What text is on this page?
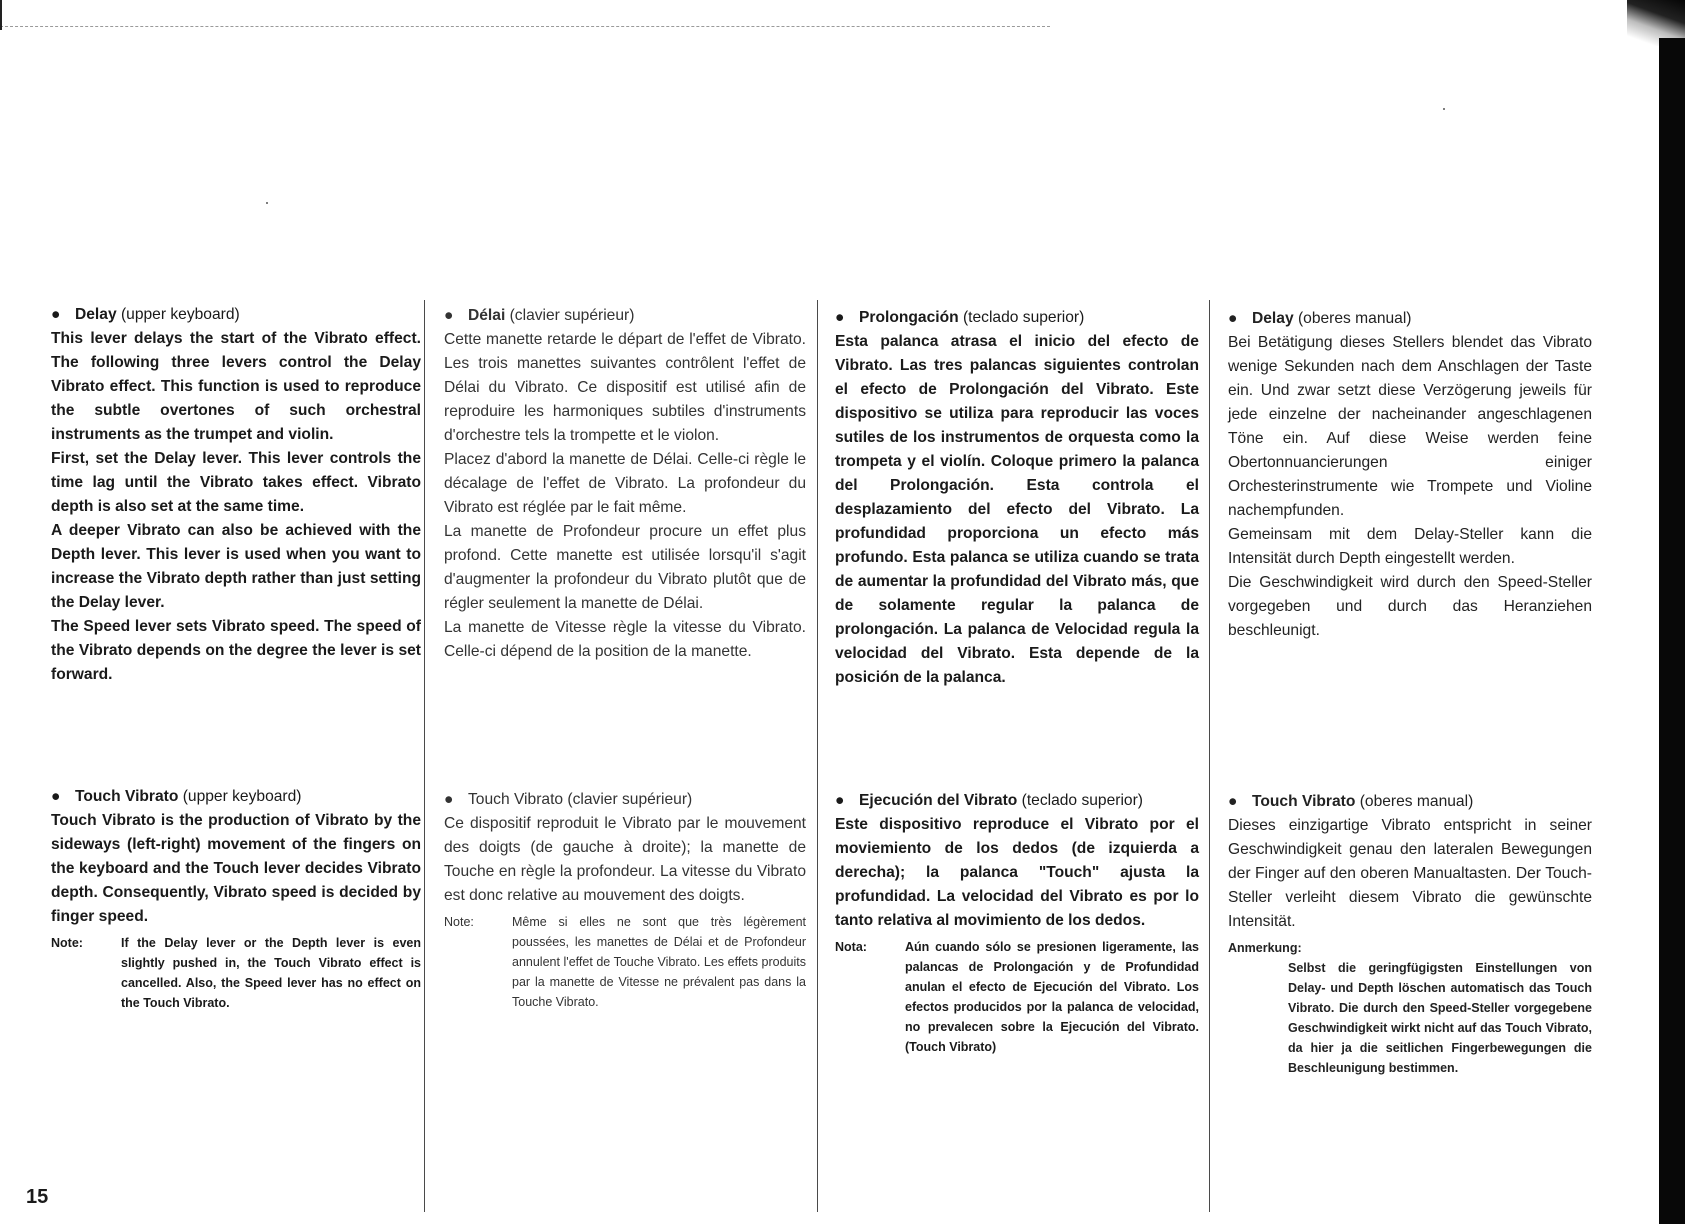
● Delay (upper keyboard)

This lever delays the start of the Vibrato effect. The following three levers control the Delay Vibrato effect. This function is used to reproduce the subtle overtones of such orchestral instruments as the trumpet and violin.
First, set the Delay lever. This lever controls the time lag until the Vibrato takes effect. Vibrato depth is also set at the same time.
A deeper Vibrato can also be achieved with the Depth lever. This lever is used when you want to increase the Vibrato depth rather than just setting the Delay lever.
The Speed lever sets Vibrato speed. The speed of the Vibrato depends on the degree the lever is set forward.

● Touch Vibrato (upper keyboard)

Touch Vibrato is the production of Vibrato by the sideways (left-right) movement of the fingers on the keyboard and the Touch lever decides Vibrato depth. Consequently, Vibrato speed is decided by finger speed.

Note:	If the Delay lever or the Depth lever is even slightly pushed in, the Touch Vibrato effect is cancelled. Also, the Speed lever has no effect on the Touch Vibrato.

● Délai (clavier supérieur)

Cette manette retarde le départ de l'effet de Vibrato. Les trois manettes suivantes contrôlent l'effet de Délai du Vibrato. Ce dispositif est utilisé afin de reproduire les harmoniques subtiles d'instruments d'orchestre tels la trompette et le violon.
Placez d'abord la manette de Délai. Celle-ci règle le décalage de l'effet de Vibrato. La profondeur du Vibrato est réglée par le fait même.
La manette de Profondeur procure un effet plus profond. Cette manette est utilisée lorsqu'il s'agit d'augmenter la profondeur du Vibrato plutôt que de régler seulement la manette de Délai.
La manette de Vitesse règle la vitesse du Vibrato. Celle-ci dépend de la position de la manette.

● Touch Vibrato (clavier supérieur)

Ce dispositif reproduit le Vibrato par le mouvement des doigts (de gauche à droite); la manette de Touche en règle la profondeur. La vitesse du Vibrato est donc relative au mouvement des doigts.

Note:	Même si elles ne sont que très légèrement poussées, les manettes de Délai et de Profondeur annulent l'effet de Touche Vibrato. Les effets produits par la manette de Vitesse ne prévalent pas dans la Touche Vibrato.

● Prolongación (teclado superior)

Esta palanca atrasa el inicio del efecto de Vibrato. Las tres palancas siguientes controlan el efecto de Prolongación del Vibrato. Este dispositivo se utiliza para reproducir las voces sutiles de los instrumentos de orquesta como la trompeta y el violín. Coloque primero la palanca del Prolongación. Esta controla el desplazamiento del efecto del Vibrato. La profundidad proporciona un efecto más profundo. Esta palanca se utiliza cuando se trata de aumentar la profundidad del Vibrato más, que de solamente regular la palanca de prolongación. La palanca de Velocidad regula la velocidad del Vibrato. Esta depende de la posición de la palanca.

● Ejecución del Vibrato (teclado superior)

Este dispositivo reproduce el Vibrato por el moviemiento de los dedos (de izquierda a derecha); la palanca "Touch" ajusta la profundidad. La velocidad del Vibrato es por lo tanto relativa al movimiento de los dedos.

Nota:	Aún cuando sólo se presionen ligeramente, las palancas de Prolongación y de Profundidad anulan el efecto de Ejecución del Vibrato. Los efectos producidos por la palanca de velocidad, no prevalecen sobre la Ejecución del Vibrato. (Touch Vibrato)

● Delay (oberes manual)

Bei Betätigung dieses Stellers blendet das Vibrato wenige Sekunden nach dem Anschlagen der Taste ein. Und zwar setzt diese Verzögerung jeweils für jede einzelne der nacheinander angeschlagenen Töne ein. Auf diese Weise werden feine Obertonnuancierungen einiger Orchesterinstrumente wie Trompete und Violine nachempfunden.
Gemeinsam mit dem Delay-Steller kann die Intensität durch Depth eingestellt werden.
Die Geschwindigkeit wird durch den Speed-Steller vorgegeben und durch das Heranziehen beschleunigt.

● Touch Vibrato (oberes manual)

Dieses einzigartige Vibrato entspricht in seiner Geschwindigkeit genau den lateralen Bewegungen der Finger auf den oberen Manualtasten. Der Touch-Steller verleiht diesem Vibrato die gewünschte Intensität.

Anmerkung:
Selbst die geringfügigsten Einstellungen von Delay- und Depth löschen automatisch das Touch Vibrato. Die durch den Speed-Steller vorgegebene Geschwindigkeit wirkt nicht auf das Touch Vibrato, da hier ja die seitlichen Fingerbewegungen die Beschleunigung bestimmen.
15
